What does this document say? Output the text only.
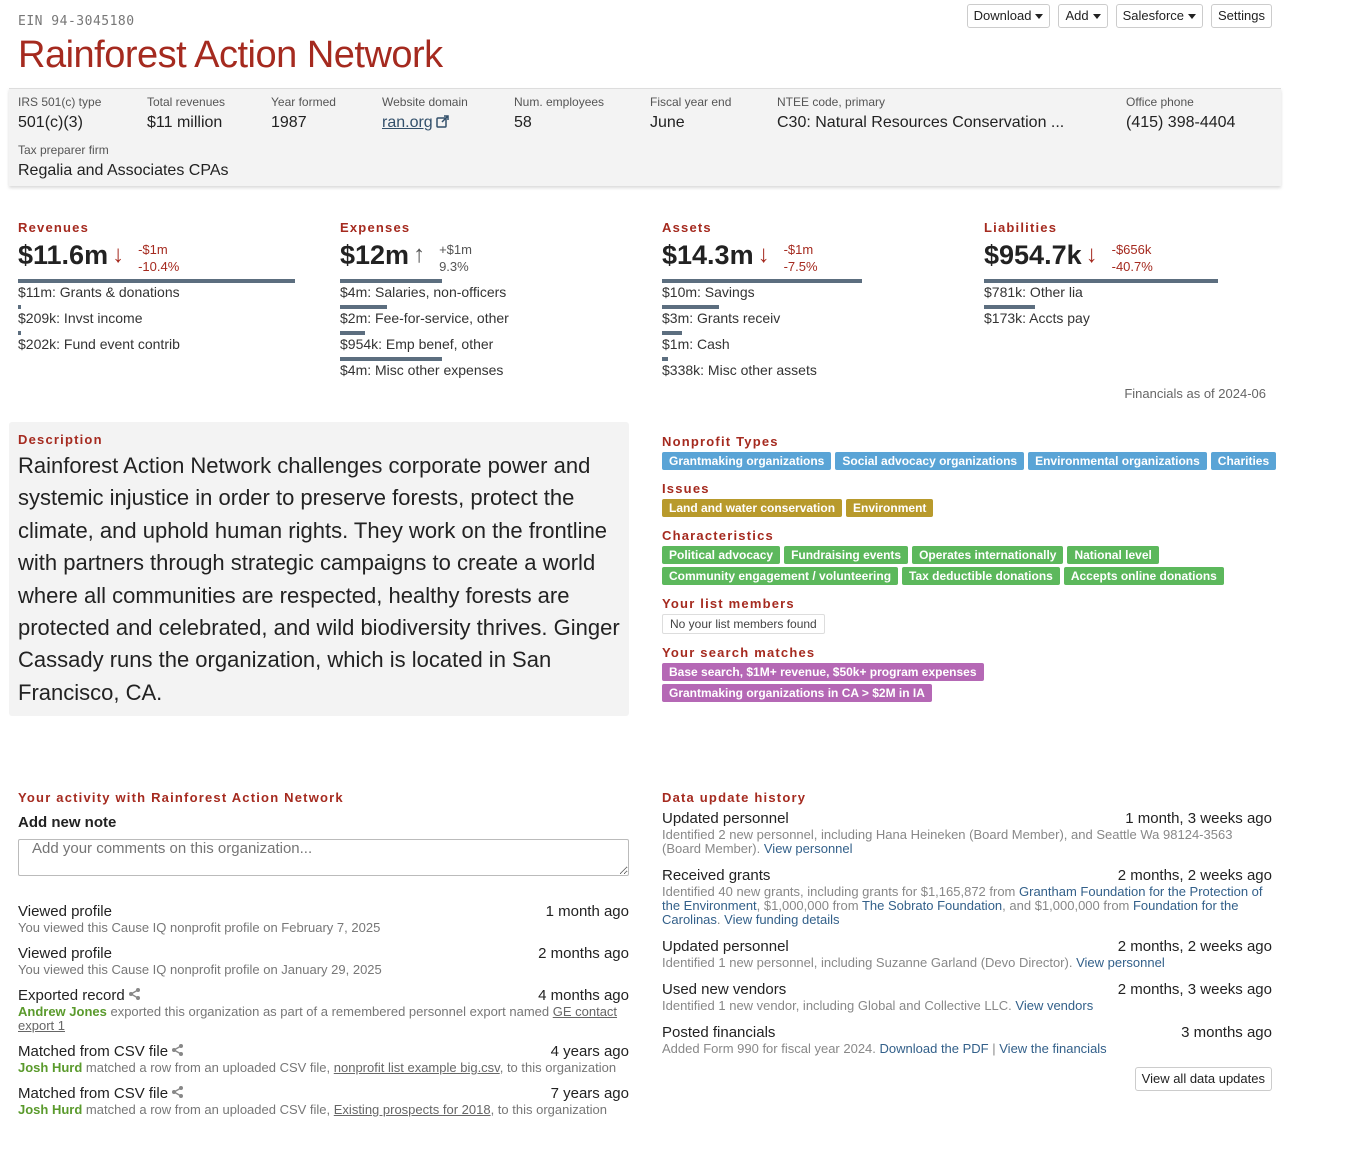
EIN 94-3045180
Rainforest Action Network
Download	Add	Salesforce	Settings
IRS 501(c) type
501(c)(3)
Total revenues
$11 million
Year formed
1987
Website domain
ran.org
Num. employees
58
Fiscal year end
June
NTEE code, primary
C30: Natural Resources Conservation ...
Office phone
(415) 398-4404
Tax preparer firm
Regalia and Associates CPAs
Revenues
$11.6m ↓ -$1m
-10.4%
$11m: Grants & donations
$209k: Invst income
$202k: Fund event contrib
Expenses
$12m ↑ +$1m
9.3%
$4m: Salaries, non-officers
$2m: Fee-for-service, other
$954k: Emp benef, other
$4m: Misc other expenses
Assets
$14.3m ↓ -$1m
-7.5%
$10m: Savings
$3m: Grants receiv
$1m: Cash
$338k: Misc other assets
Liabilities
$954.7k ↓ -$656k
-40.7%
$781k: Other lia
$173k: Accts pay
Financials as of 2024-06
Description
Rainforest Action Network challenges corporate power and systemic injustice in order to preserve forests, protect the climate, and uphold human rights. They work on the frontline with partners through strategic campaigns to create a world where all communities are respected, healthy forests are protected and celebrated, and wild biodiversity thrives. Ginger Cassady runs the organization, which is located in San Francisco, CA.
Nonprofit Types
Grantmaking organizations	Social advocacy organizations	Environmental organizations	Charities
Issues
Land and water conservation	Environment
Characteristics
Political advocacy	Fundraising events	Operates internationally	National level
Community engagement / volunteering	Tax deductible donations	Accepts online donations
Your list members
No your list members found
Your search matches
Base search, $1M+ revenue, $50k+ program expenses
Grantmaking organizations in CA > $2M in IA
Your activity with Rainforest Action Network
Add new note
Add your comments on this organization...
Viewed profile	1 month ago
You viewed this Cause IQ nonprofit profile on February 7, 2025
Viewed profile	2 months ago
You viewed this Cause IQ nonprofit profile on January 29, 2025
Exported record	4 months ago
Andrew Jones exported this organization as part of a remembered personnel export named GE contact export 1
Matched from CSV file	4 years ago
Josh Hurd matched a row from an uploaded CSV file, nonprofit list example big.csv, to this organization
Matched from CSV file	7 years ago
Josh Hurd matched a row from an uploaded CSV file, Existing prospects for 2018, to this organization
Data update history
Updated personnel	1 month, 3 weeks ago
Identified 2 new personnel, including Hana Heineken (Board Member), and Seattle Wa 98124-3563 (Board Member). View personnel
Received grants	2 months, 2 weeks ago
Identified 40 new grants, including grants for $1,165,872 from Grantham Foundation for the Protection of the Environment, $1,000,000 from The Sobrato Foundation, and $1,000,000 from Foundation for the Carolinas. View funding details
Updated personnel	2 months, 2 weeks ago
Identified 1 new personnel, including Suzanne Garland (Devo Director). View personnel
Used new vendors	2 months, 3 weeks ago
Identified 1 new vendor, including Global and Collective LLC. View vendors
Posted financials	3 months ago
Added Form 990 for fiscal year 2024. Download the PDF | View the financials
View all data updates
